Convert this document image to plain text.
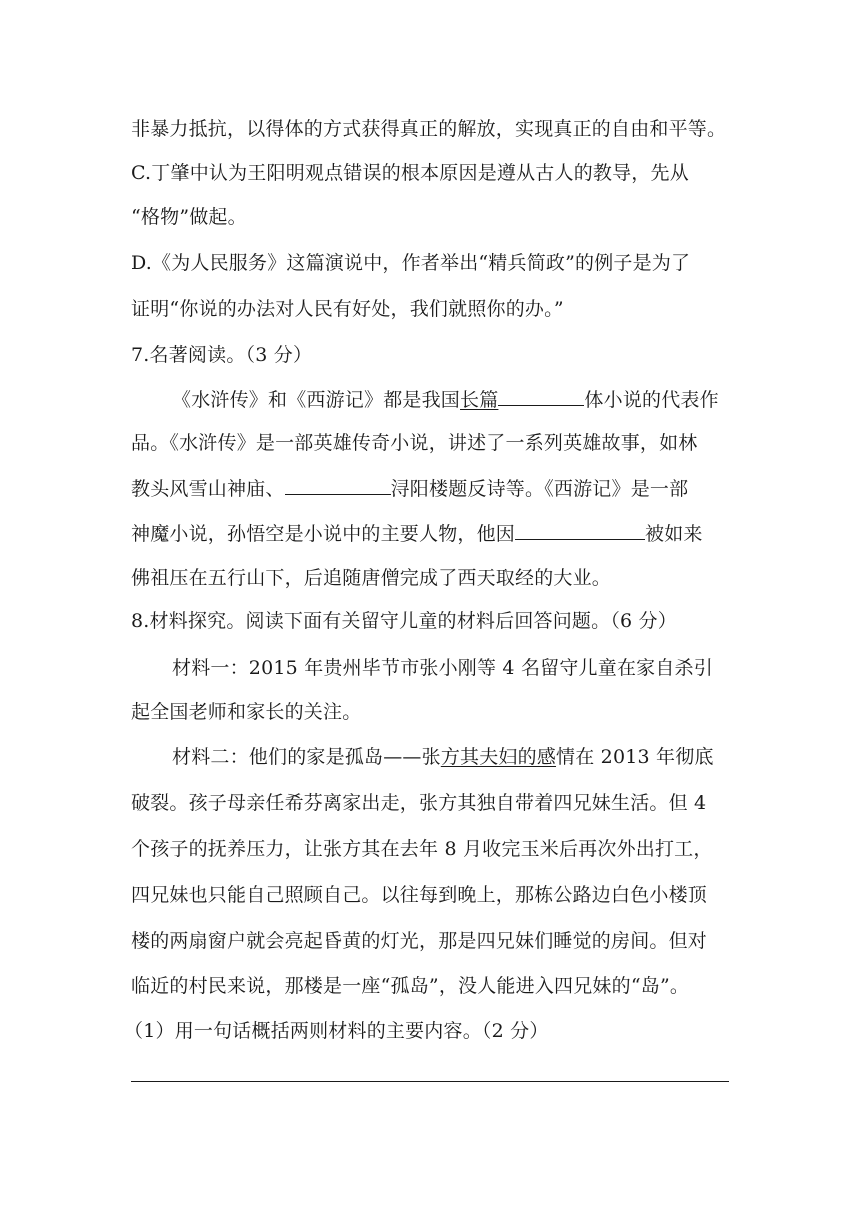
非暴力抵抗，以得体的方式获得真正的解放，实现真正的自由和平等。
C.丁肇中认为王阳明观点错误的根本原因是遵从古人的教导，先从
“格物”做起。
D.《为人民服务》这篇演说中，作者举出“精兵简政”的例子是为了
证明“你说的办法对人民有好处，我们就照你的办。”
7.名著阅读。（3 分）
《水浒传》和《西游记》都是我国长篇	体小说的代表作
品。《水浒传》是一部英雄传奇小说，讲述了一系列英雄故事，如林
教头风雪山神庙、	浔阳楼题反诗等。《西游记》是一部
神魔小说，孙悟空是小说中的主要人物，他因	被如来
佛祖压在五行山下，后追随唐僧完成了西天取经的大业。
8.材料探究。阅读下面有关留守儿童的材料后回答问题。（6 分）
材料一：2015 年贵州毕节市张小刚等 4 名留守儿童在家自杀引
起全国老师和家长的关注。
材料二：他们的家是孤岛——张方其夫妇的感情在 2013 年彻底
破裂。孩子母亲任希芬离家出走，张方其独自带着四兄妹生活。但 4
个孩子的抚养压力，让张方其在去年 8 月收完玉米后再次外出打工，
四兄妹也只能自己照顾自己。以往每到晚上，那栋公路边白色小楼顶
楼的两扇窗户就会亮起昏黄的灯光，那是四兄妹们睡觉的房间。但对
临近的村民来说，那楼是一座“孤岛”，没人能进入四兄妹的“岛”。
（1）用一句话概括两则材料的主要内容。（2 分）
